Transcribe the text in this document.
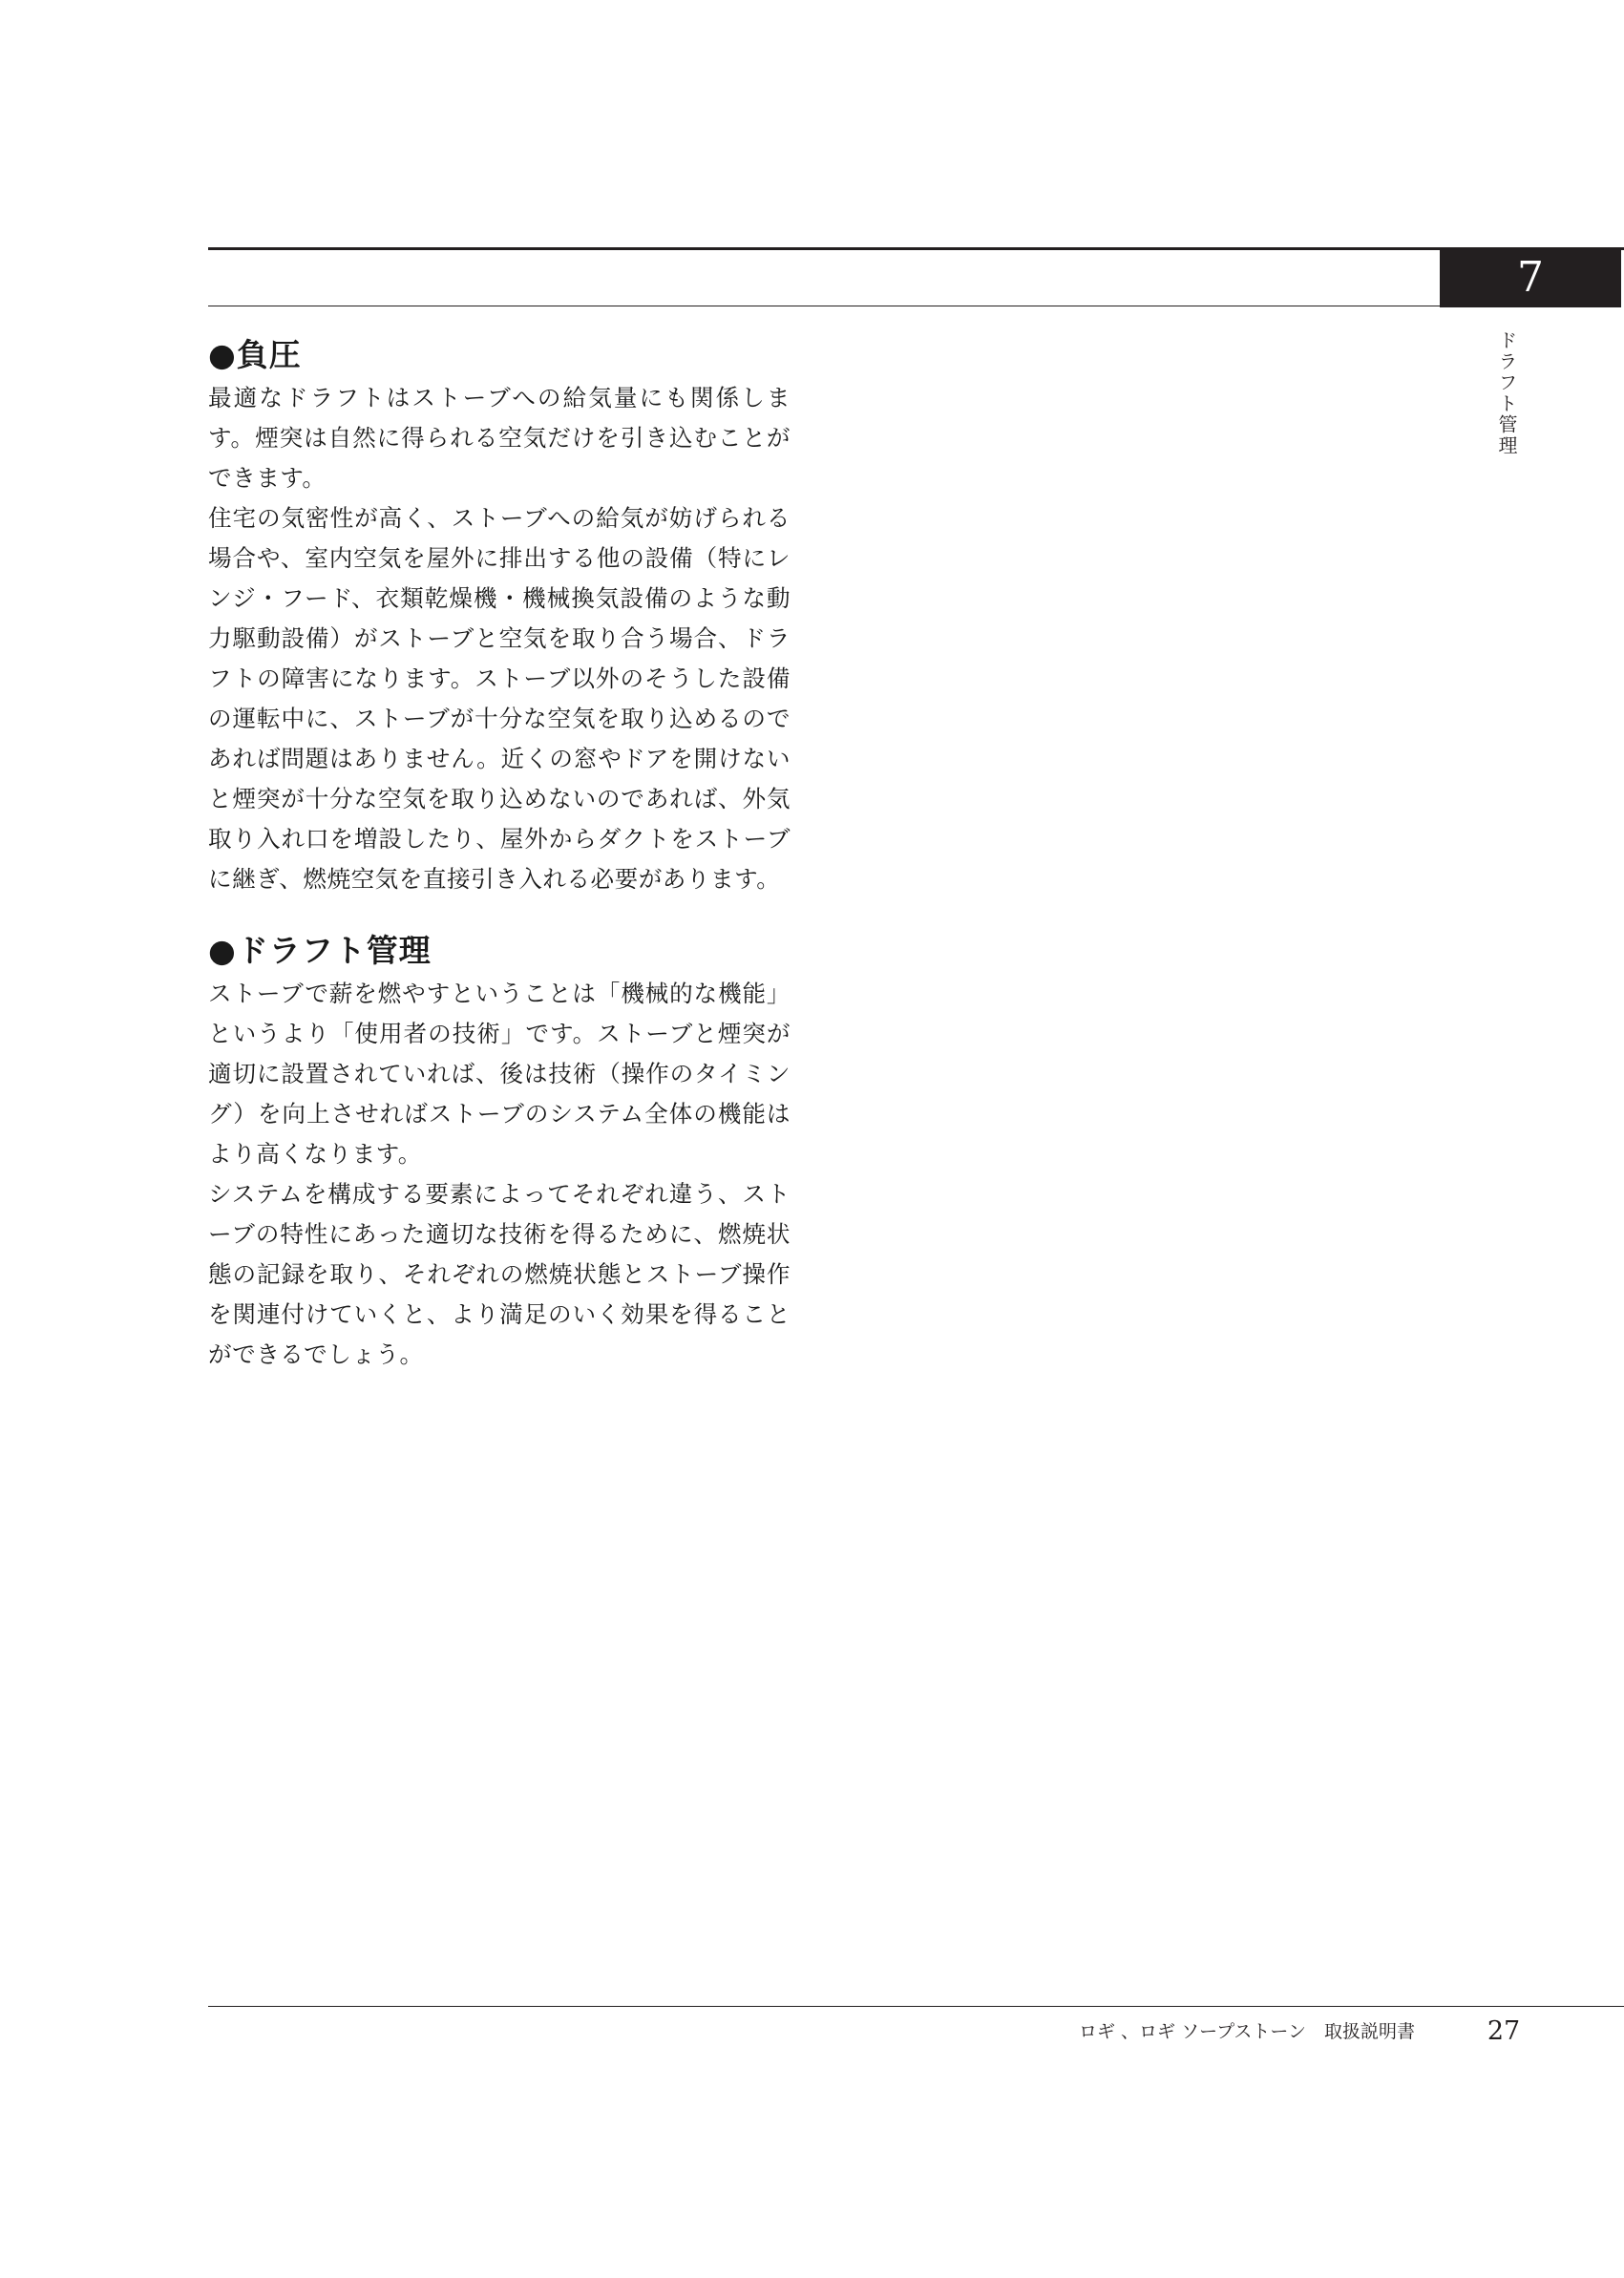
7
ドラフト管理
●負圧

最適なドラフトはストーブへの給気量にも関係します。煙突は自然に得られる空気だけを引き込むことができます。

住宅の気密性が高く、ストーブへの給気が妨げられる場合や、室内空気を屋外に排出する他の設備（特にレンジ・フード、衣類乾燥機・機械換気設備のような動力駆動設備）がストーブと空気を取り合う場合、ドラフトの障害になります。ストーブ以外のそうした設備の運転中に、ストーブが十分な空気を取り込めるのであれば問題はありません。近くの窓やドアを開けないと煙突が十分な空気を取り込めないのであれば、外気取り入れ口を増設したり、屋外からダクトをストーブに継ぎ、燃焼空気を直接引き入れる必要があります。

●ドラフト管理

ストーブで薪を燃やすということは「機械的な機能」というより「使用者の技術」です。ストーブと煙突が適切に設置されていれば、後は技術（操作のタイミング）を向上させればストーブのシステム全体の機能はより高くなります。

システムを構成する要素によってそれぞれ違う、ストーブの特性にあった適切な技術を得るために、燃焼状態の記録を取り、それぞれの燃焼状態とストーブ操作を関連付けていくと、より満足のいく効果を得ることができるでしょう。

ロギ 、ロギ ソープストーン　取扱説明書	27
